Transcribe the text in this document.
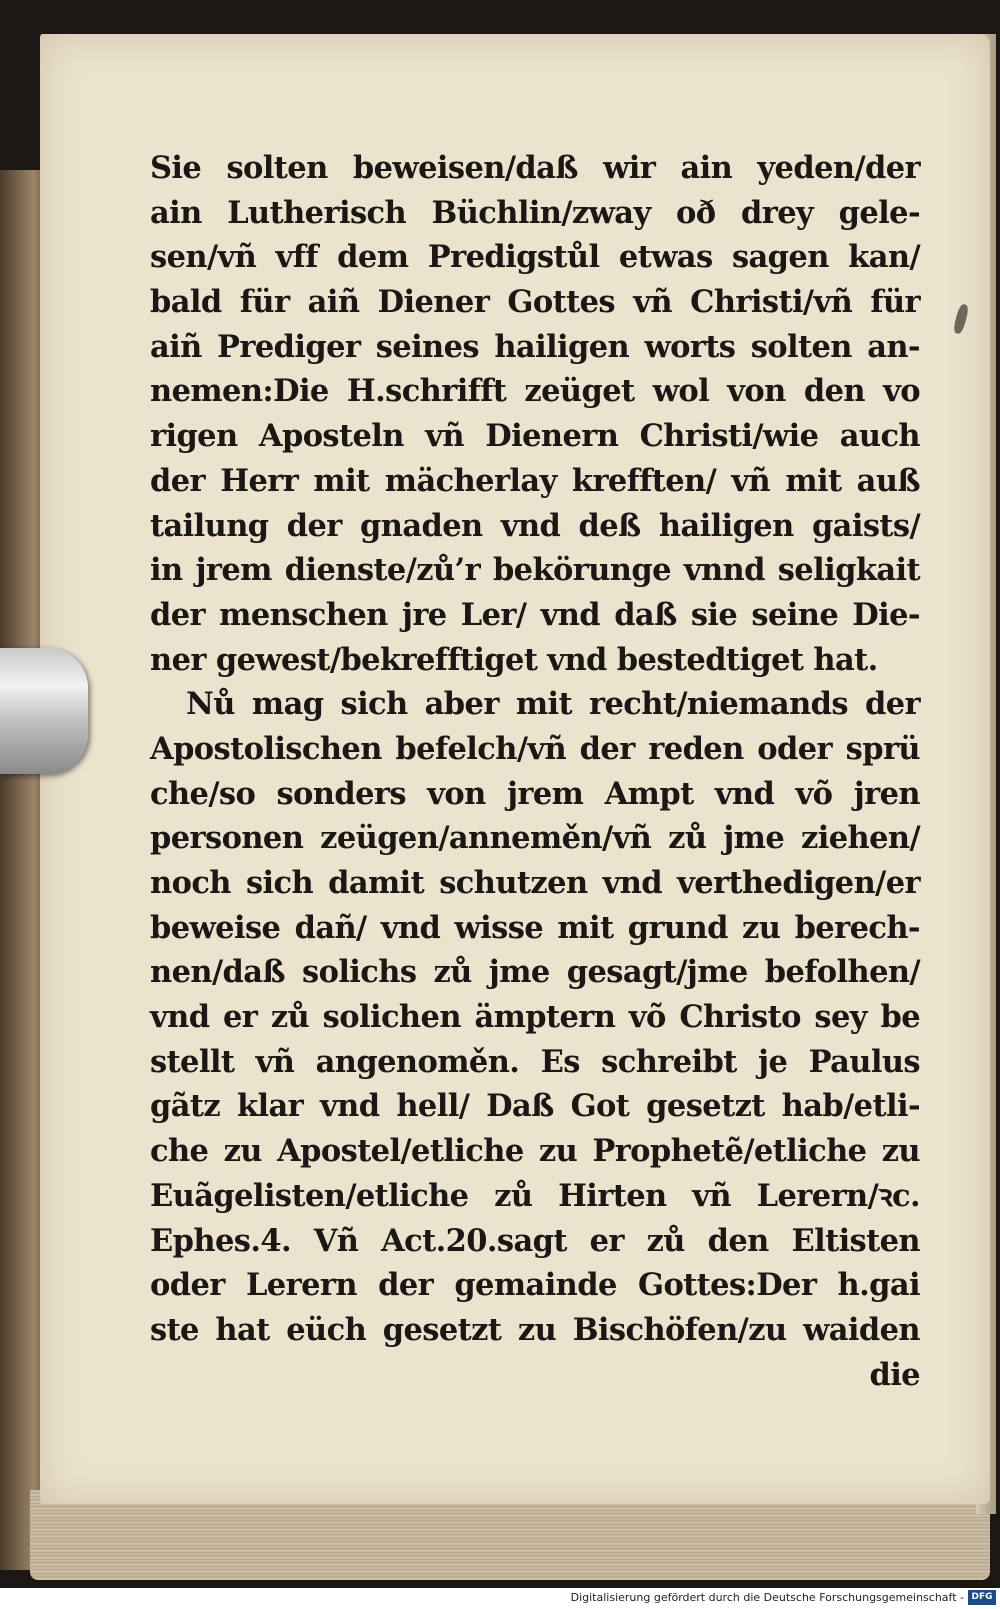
Sie solten beweisen/daß wir ain yeden/der
ain Lutherisch Büchlin/zway oð drey gele-
sen/vñ vff dem Predigstůl etwas sagen kan/
bald für aiñ Diener Gottes vñ Christi/vñ für
aiñ Prediger seines hailigen worts solten an-
nemen:Die H.schrifft zeüget wol von den vo
rigen Aposteln vñ Dienern Christi/wie auch
der Herr mit mächerlay krefften/ vñ mit auß
tailung der gnaden vnd deß hailigen gaists/
in jrem dienste/zů’r bekörunge vnnd seligkait
der menschen jre Ler/ vnd daß sie seine Die-
ner gewest/bekrefftiget vnd bestedtiget hat.
Nů mag sich aber mit recht/niemands der
Apostolischen befelch/vñ der reden oder sprü
che/so sonders von jrem Ampt vnd võ jren
personen zeügen/anneměn/vñ zů jme ziehen/
noch sich damit schutzen vnd verthedigen/er
beweise dañ/ vnd wisse mit grund zu berech-
nen/daß solichs zů jme gesagt/jme befolhen/
vnd er zů solichen ämptern võ Christo sey be
stellt vñ angenoměn. Es schreibt je Paulus
gãtz klar vnd hell/ Daß Got gesetzt hab/etli-
che zu Apostel/etliche zu Prophetẽ/etliche zu
Euãgelisten/etliche zů Hirten vñ Lerern/ꝛc.
Ephes.4. Vñ Act.20.sagt er zů den Eltisten
oder Lerern der gemainde Gottes:Der h.gai
ste hat eüch gesetzt zu Bischöfen/zu waiden
die
Digitalisierung gefördert durch die Deutsche Forschungsgemeinschaft - DFG
